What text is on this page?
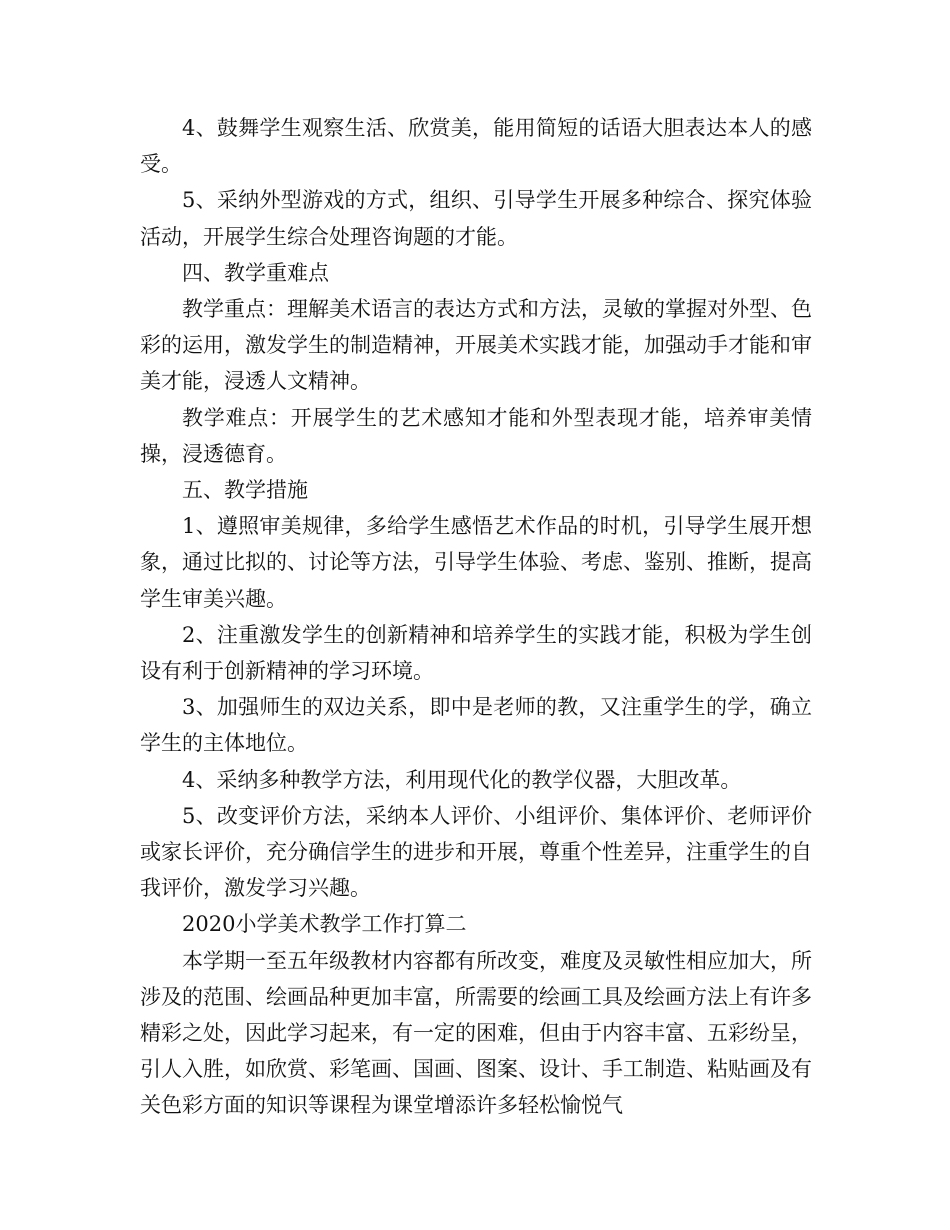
4、鼓舞学生观察生活、欣赏美，能用简短的话语大胆表达本人的感受。

5、采纳外型游戏的方式，组织、引导学生开展多种综合、探究体验活动，开展学生综合处理咨询题的才能。

四、教学重难点

教学重点：理解美术语言的表达方式和方法，灵敏的掌握对外型、色彩的运用，激发学生的制造精神，开展美术实践才能，加强动手才能和审美才能，浸透人文精神。

教学难点：开展学生的艺术感知才能和外型表现才能，培养审美情操，浸透德育。

五、教学措施

1、遵照审美规律，多给学生感悟艺术作品的时机，引导学生展开想象，通过比拟的、讨论等方法，引导学生体验、考虑、鉴别、推断，提高学生审美兴趣。

2、注重激发学生的创新精神和培养学生的实践才能，积极为学生创设有利于创新精神的学习环境。

3、加强师生的双边关系，即中是老师的教，又注重学生的学，确立学生的主体地位。

4、采纳多种教学方法，利用现代化的教学仪器，大胆改革。

5、改变评价方法，采纳本人评价、小组评价、集体评价、老师评价或家长评价，充分确信学生的进步和开展，尊重个性差异，注重学生的自我评价，激发学习兴趣。

2020小学美术教学工作打算二

本学期一至五年级教材内容都有所改变，难度及灵敏性相应加大，所涉及的范围、绘画品种更加丰富，所需要的绘画工具及绘画方法上有许多精彩之处，因此学习起来，有一定的困难，但由于内容丰富、五彩纷呈，引人入胜，如欣赏、彩笔画、国画、图案、设计、手工制造、粘贴画及有关色彩方面的知识等课程为课堂增添许多轻松愉悦气
